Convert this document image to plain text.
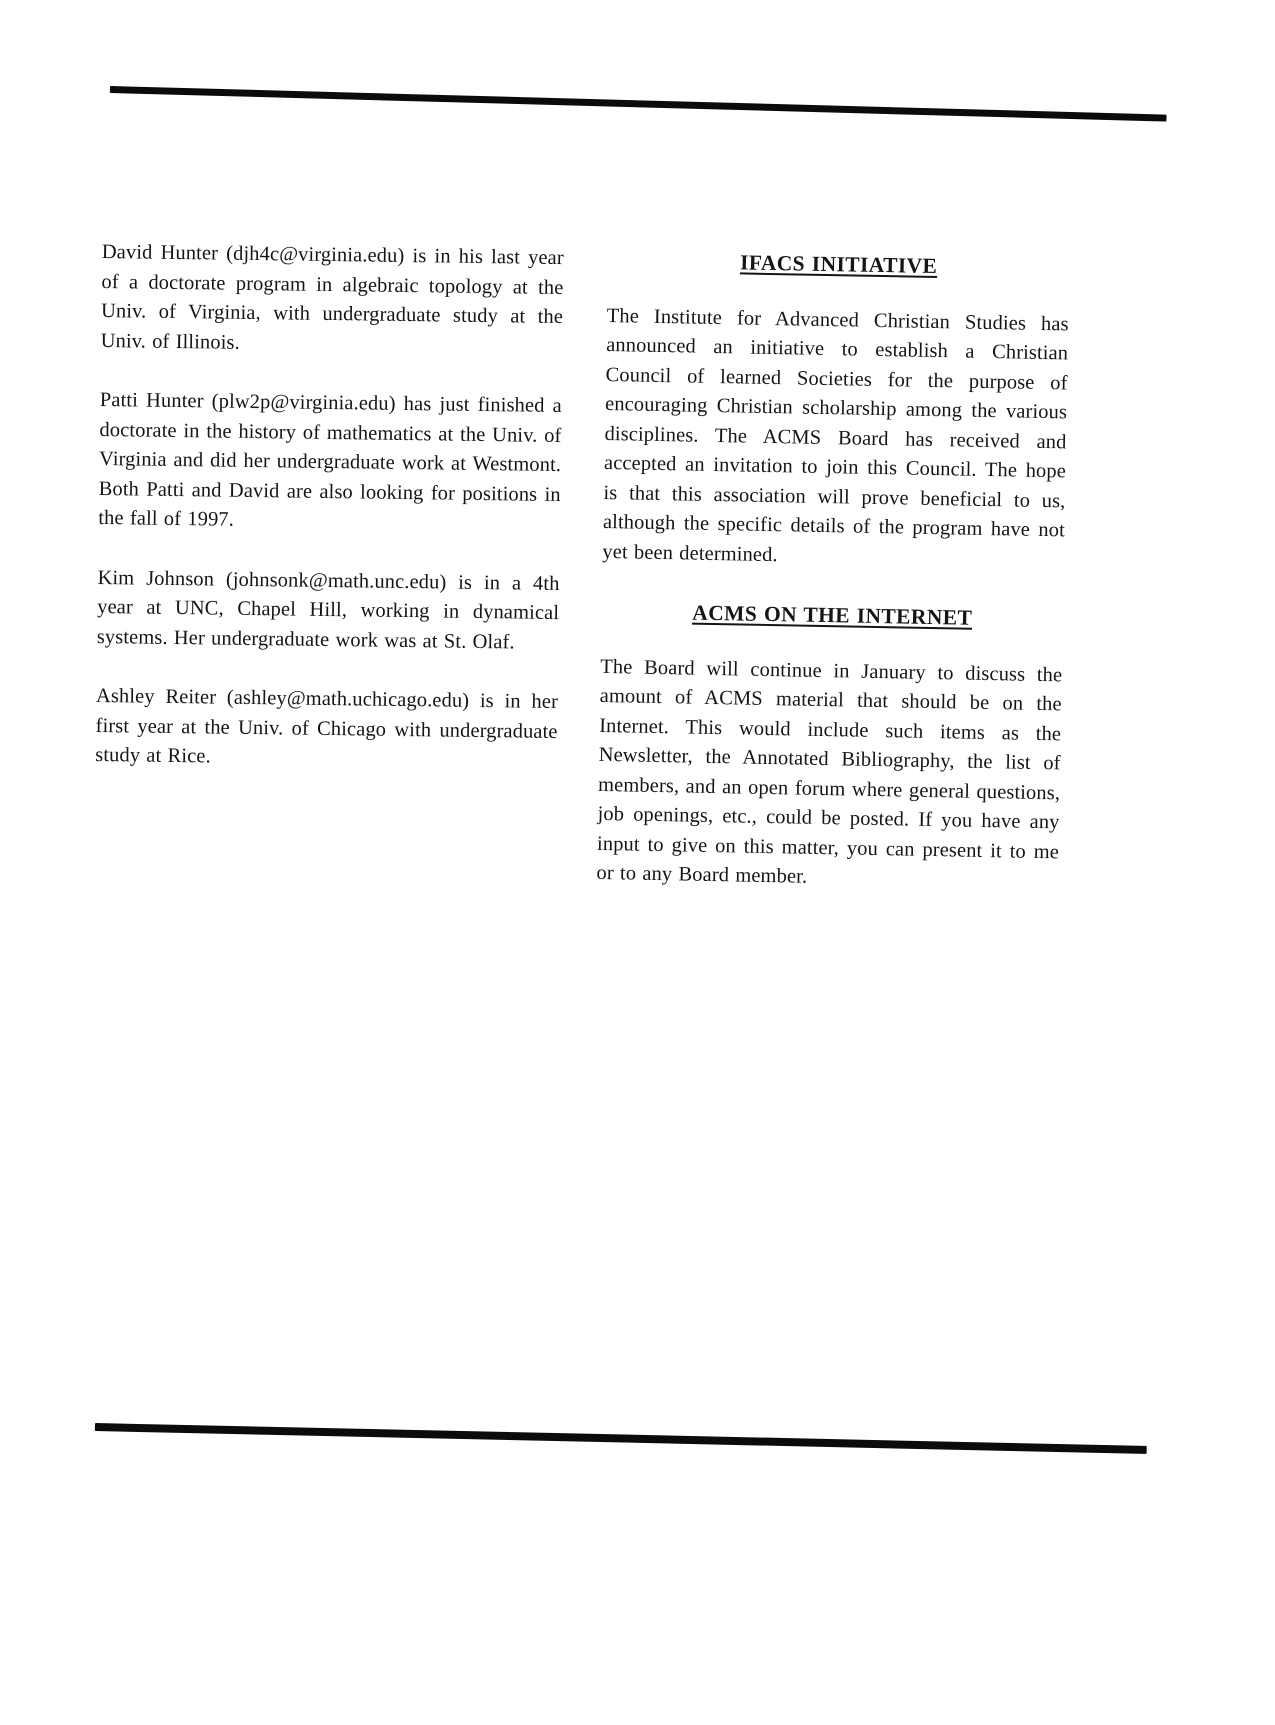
David Hunter (djh4c@virginia.edu) is in his last year of a doctorate program in algebraic topology at the Univ. of Virginia, with undergraduate study at the Univ. of Illinois.

Patti Hunter (plw2p@virginia.edu) has just finished a doctorate in the history of mathematics at the Univ. of Virginia and did her undergraduate work at Westmont. Both Patti and David are also looking for positions in the fall of 1997.

Kim Johnson (johnsonk@math.unc.edu) is in a 4th year at UNC, Chapel Hill, working in dynamical systems. Her undergraduate work was at St. Olaf.

Ashley Reiter (ashley@math.uchicago.edu) is in her first year at the Univ. of Chicago with undergraduate study at Rice.

IFACS INITIATIVE

The Institute for Advanced Christian Studies has announced an initiative to establish a Christian Council of learned Societies for the purpose of encouraging Christian scholarship among the various disciplines. The ACMS Board has received and accepted an invitation to join this Council. The hope is that this association will prove beneficial to us, although the specific details of the program have not yet been determined.

ACMS ON THE INTERNET

The Board will continue in January to discuss the amount of ACMS material that should be on the Internet. This would include such items as the Newsletter, the Annotated Bibliography, the list of members, and an open forum where general questions, job openings, etc., could be posted. If you have any input to give on this matter, you can present it to me or to any Board member.
